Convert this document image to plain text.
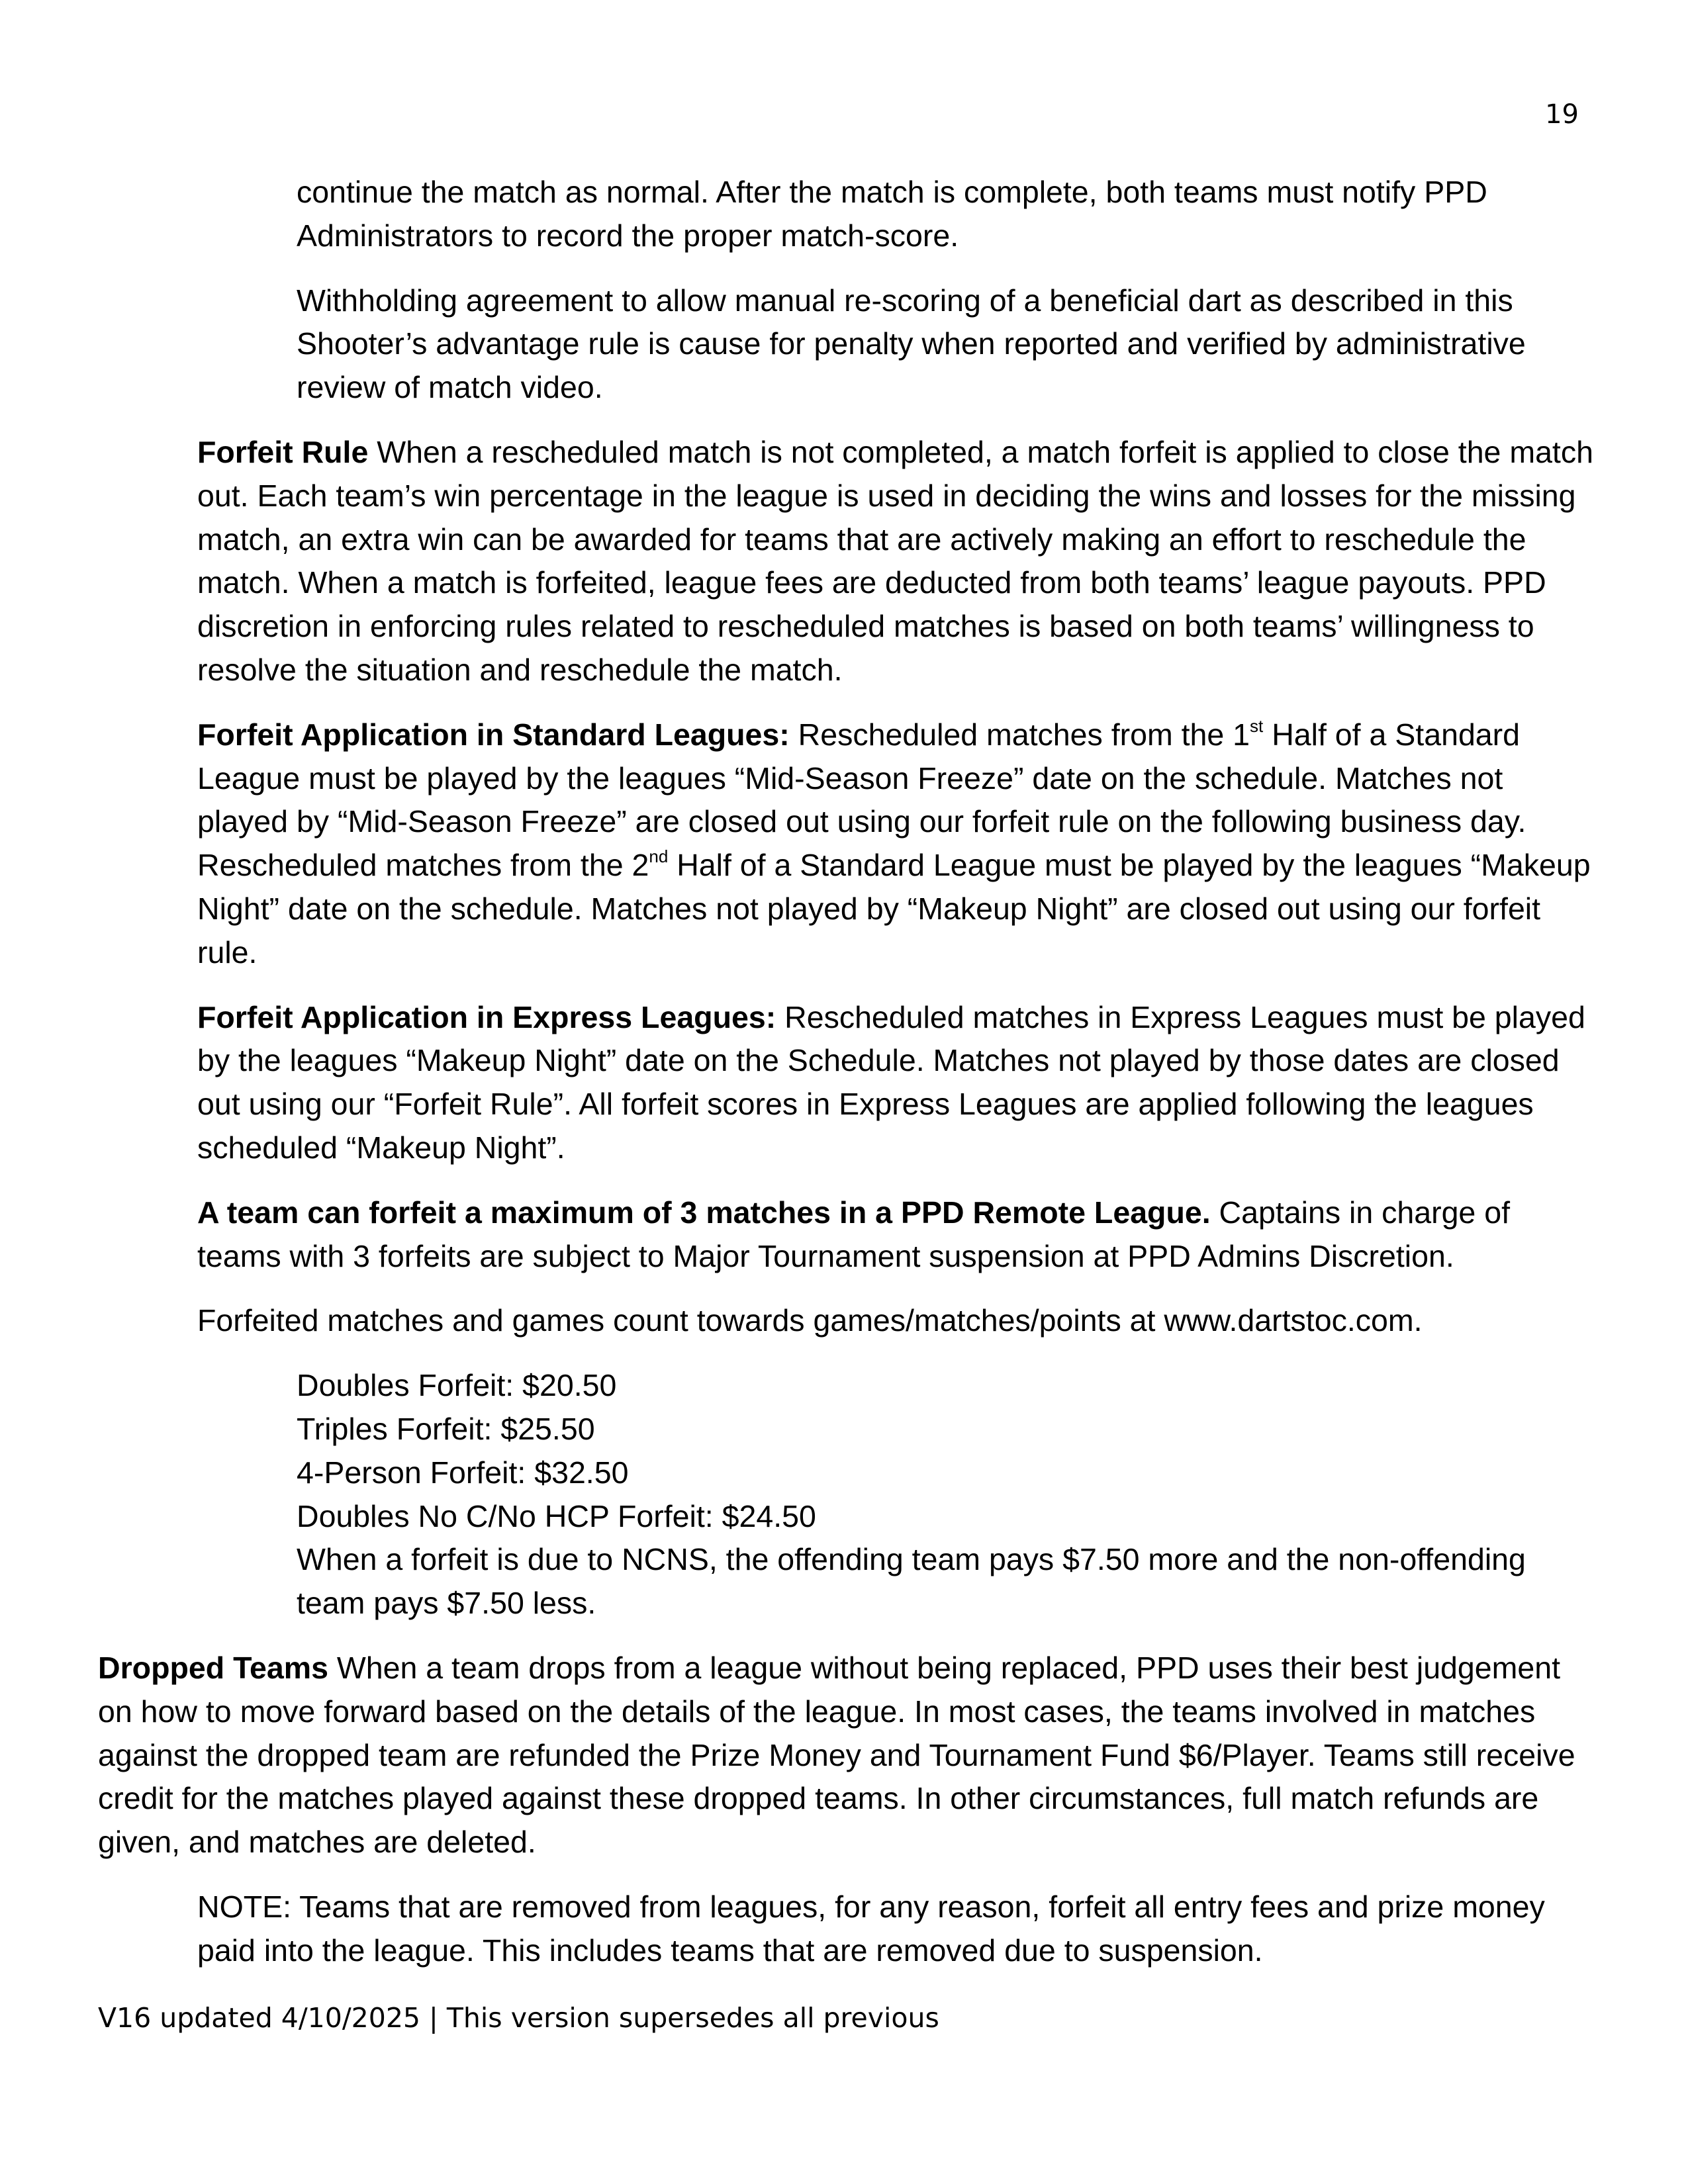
19

continue the match as normal. After the match is complete, both teams must notify PPD Administrators to record the proper match-score.

Withholding agreement to allow manual re-scoring of a beneficial dart as described in this Shooter’s advantage rule is cause for penalty when reported and verified by administrative review of match video.

Forfeit Rule When a rescheduled match is not completed, a match forfeit is applied to close the match out. Each team’s win percentage in the league is used in deciding the wins and losses for the missing match, an extra win can be awarded for teams that are actively making an effort to reschedule the match. When a match is forfeited, league fees are deducted from both teams’ league payouts. PPD discretion in enforcing rules related to rescheduled matches is based on both teams’ willingness to resolve the situation and reschedule the match.

Forfeit Application in Standard Leagues: Rescheduled matches from the 1st Half of a Standard League must be played by the leagues “Mid-Season Freeze” date on the schedule. Matches not played by “Mid-Season Freeze” are closed out using our forfeit rule on the following business day. Rescheduled matches from the 2nd Half of a Standard League must be played by the leagues “Makeup Night” date on the schedule. Matches not played by “Makeup Night” are closed out using our forfeit rule.

Forfeit Application in Express Leagues: Rescheduled matches in Express Leagues must be played by the leagues “Makeup Night” date on the Schedule. Matches not played by those dates are closed out using our “Forfeit Rule”. All forfeit scores in Express Leagues are applied following the leagues scheduled “Makeup Night”.

A team can forfeit a maximum of 3 matches in a PPD Remote League. Captains in charge of teams with 3 forfeits are subject to Major Tournament suspension at PPD Admins Discretion.

Forfeited matches and games count towards games/matches/points at www.dartstoc.com.

Doubles Forfeit: $20.50
Triples Forfeit: $25.50
4-Person Forfeit: $32.50
Doubles No C/No HCP Forfeit: $24.50
When a forfeit is due to NCNS, the offending team pays $7.50 more and the non-offending team pays $7.50 less.

Dropped Teams When a team drops from a league without being replaced, PPD uses their best judgement on how to move forward based on the details of the league. In most cases, the teams involved in matches against the dropped team are refunded the Prize Money and Tournament Fund $6/Player. Teams still receive credit for the matches played against these dropped teams. In other circumstances, full match refunds are given, and matches are deleted.

NOTE: Teams that are removed from leagues, for any reason, forfeit all entry fees and prize money paid into the league. This includes teams that are removed due to suspension.

V16 updated 4/10/2025 | This version supersedes all previous
